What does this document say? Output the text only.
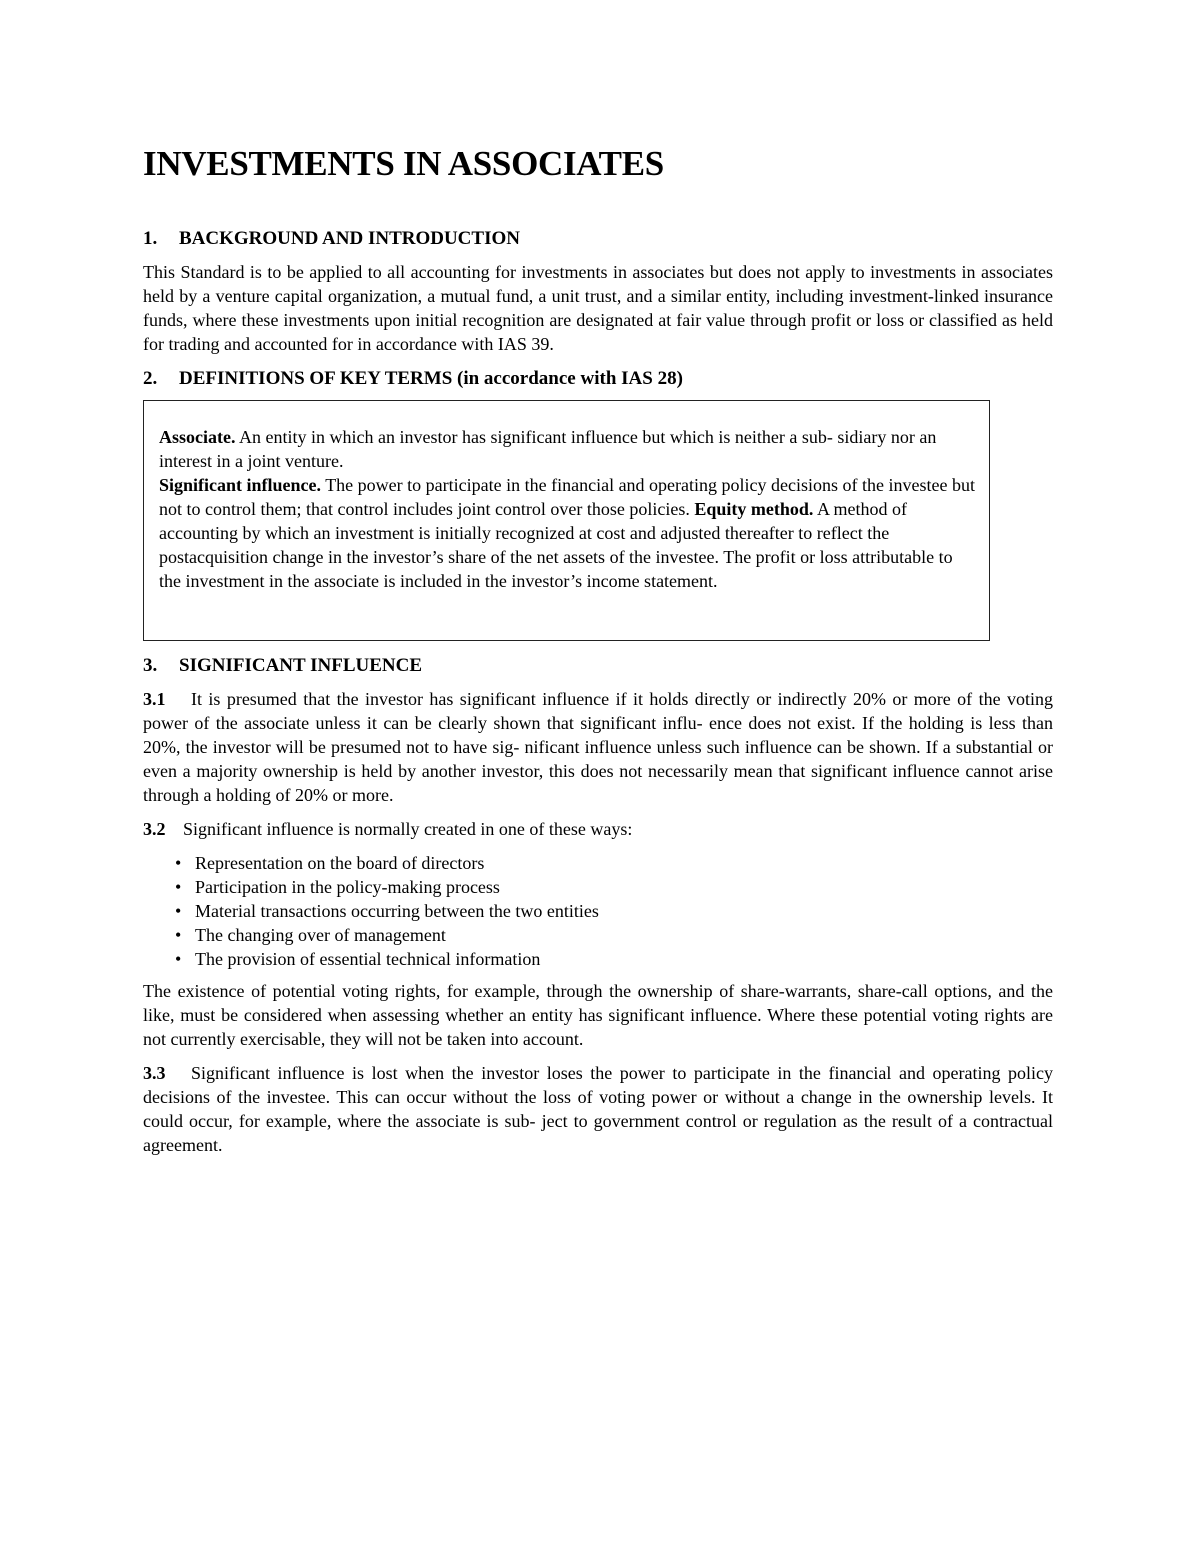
INVESTMENTS IN ASSOCIATES
1. BACKGROUND AND INTRODUCTION

This Standard is to be applied to all accounting for investments in associates but does not apply to investments in associates held by a venture capital organization, a mutual fund, a unit trust, and a similar entity, including investment-linked insurance funds, where these investments upon initial recognition are designated at fair value through profit or loss or classified as held for trading and accounted for in accordance with IAS 39.

2. DEFINITIONS OF KEY TERMS (in accordance with IAS 28)
Associate. An entity in which an investor has significant influence but which is neither a sub- sidiary nor an interest in a joint venture.
Significant influence. The power to participate in the financial and operating policy decisions of the investee but not to control them; that control includes joint control over those policies. Equity method. A method of accounting by which an investment is initially recognized at cost and adjusted thereafter to reflect the postacquisition change in the investor’s share of the net assets of the investee. The profit or loss attributable to the investment in the associate is included in the investor’s income statement.
3. SIGNIFICANT INFLUENCE

3.1 It is presumed that the investor has significant influence if it holds directly or indirectly 20% or more of the voting power of the associate unless it can be clearly shown that significant influ- ence does not exist. If the holding is less than 20%, the investor will be presumed not to have sig- nificant influence unless such influence can be shown. If a substantial or even a majority ownership is held by another investor, this does not necessarily mean that significant influence cannot arise through a holding of 20% or more.

3.2 Significant influence is normally created in one of these ways:

• Representation on the board of directors
• Participation in the policy-making process
• Material transactions occurring between the two entities
• The changing over of management
• The provision of essential technical information

The existence of potential voting rights, for example, through the ownership of share-warrants, share-call options, and the like, must be considered when assessing whether an entity has significant influence. Where these potential voting rights are not currently exercisable, they will not be taken into account.

3.3 Significant influence is lost when the investor loses the power to participate in the financial and operating policy decisions of the investee. This can occur without the loss of voting power or without a change in the ownership levels. It could occur, for example, where the associate is sub- ject to government control or regulation as the result of a contractual agreement.
